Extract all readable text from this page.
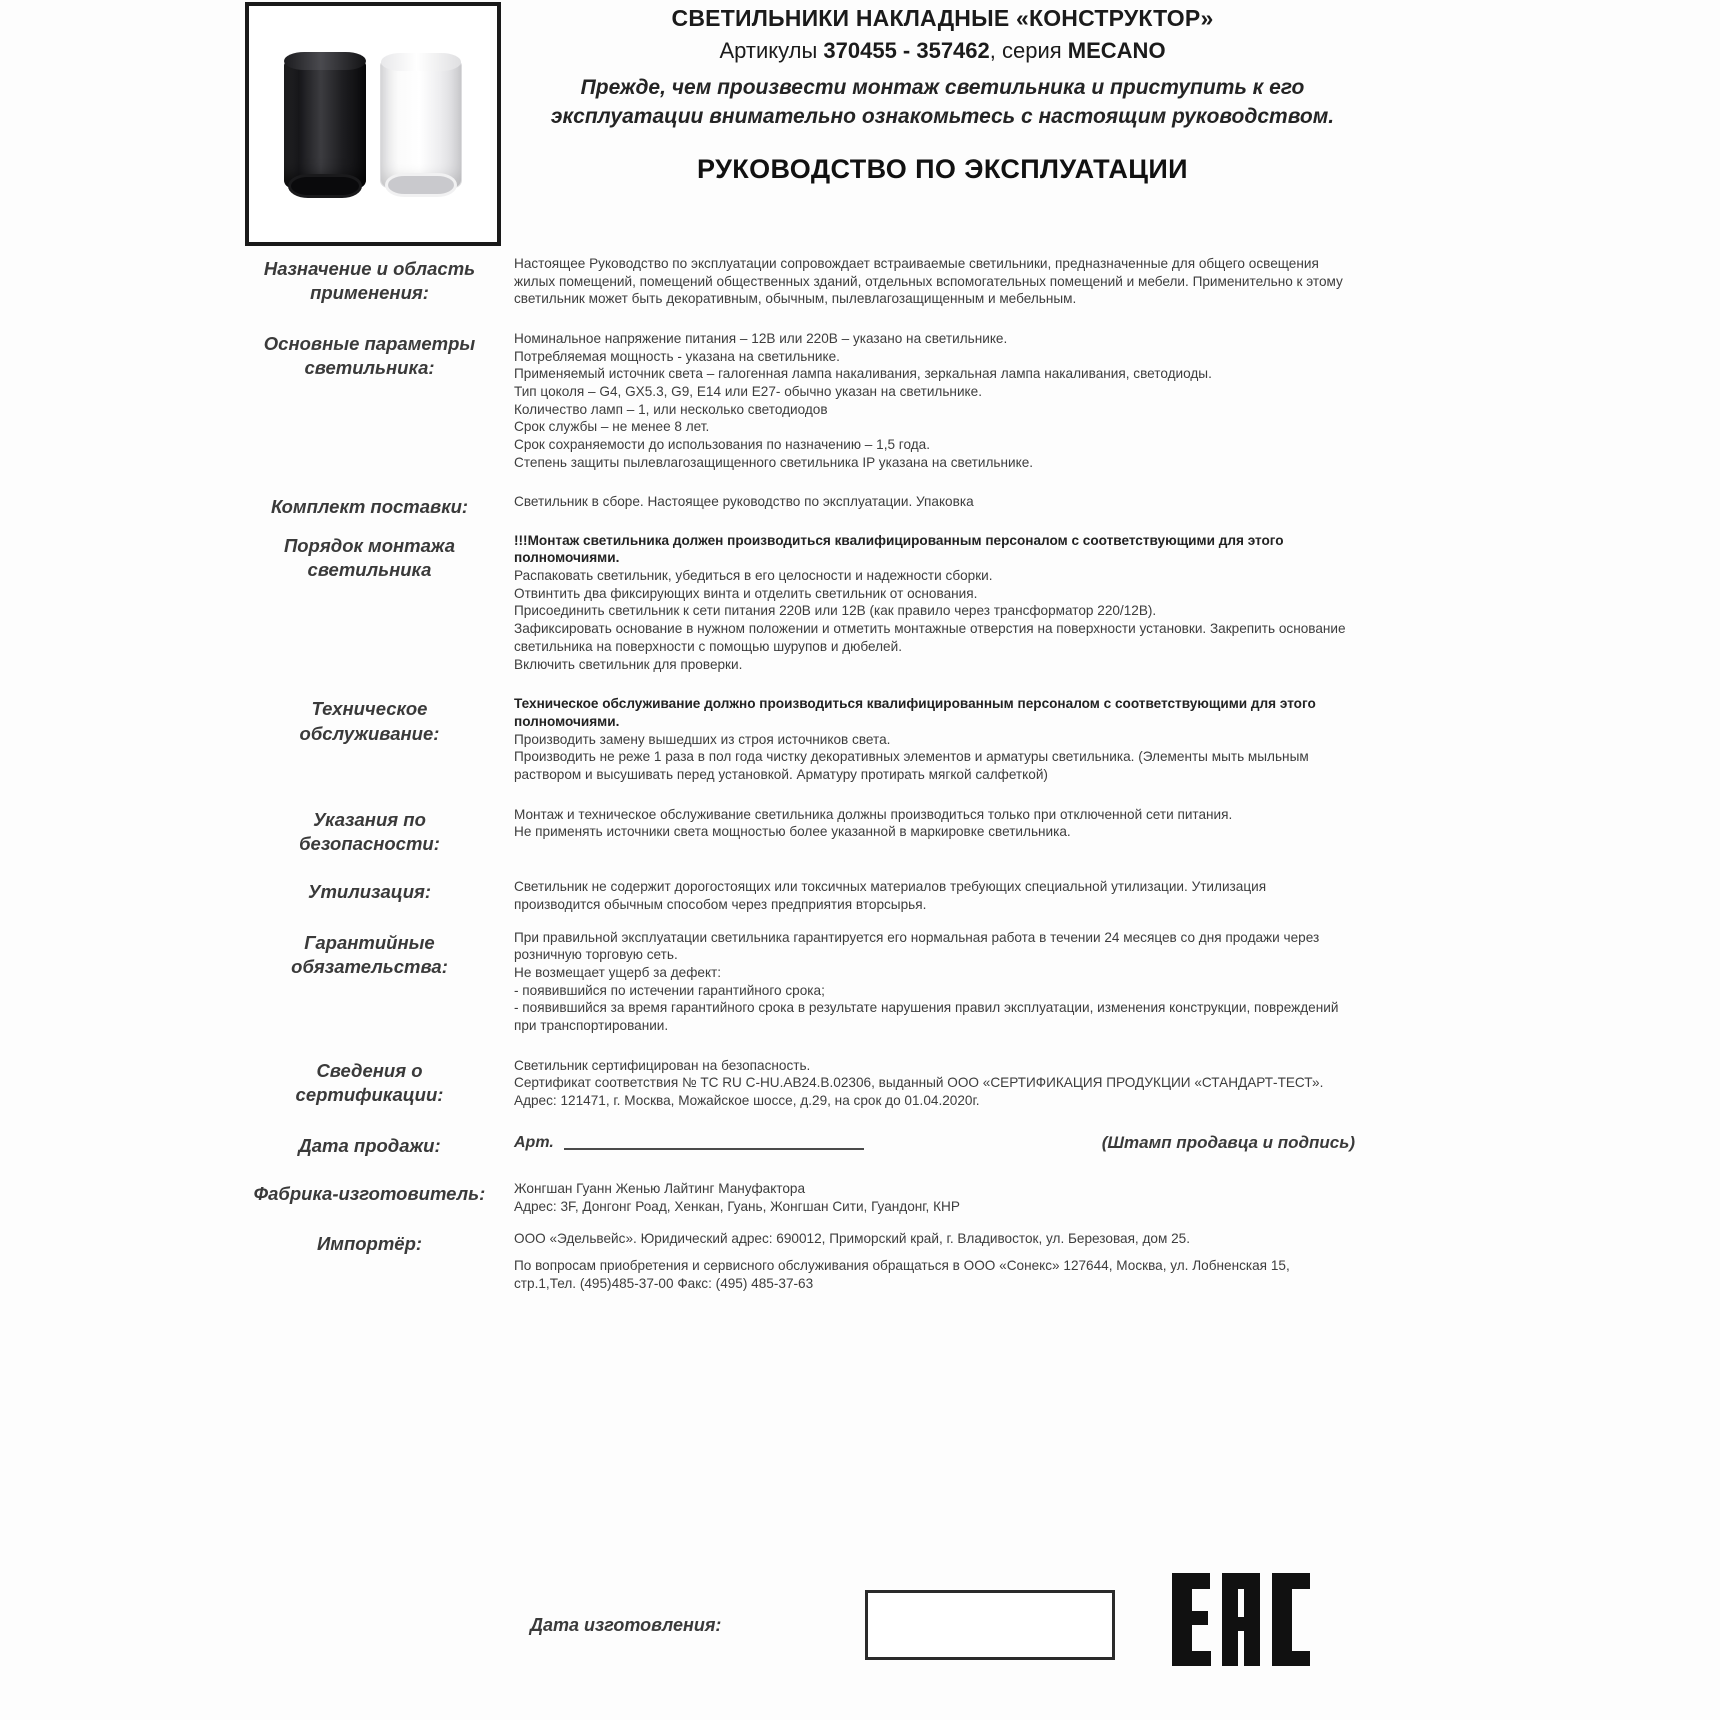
СВЕТИЛЬНИКИ НАКЛАДНЫЕ «КОНСТРУКТОР»
Артикулы 370455 - 357462, серия MECANO
Прежде, чем произвести монтаж светильника и приступить к его эксплуатации внимательно ознакомьтесь с настоящим руководством.
РУКОВОДСТВО ПО ЭКСПЛУАТАЦИИ
Назначение и область применения:

Настоящее Руководство по эксплуатации сопровождает встраиваемые светильники, предназначенные для общего освещения жилых помещений, помещений общественных зданий, отдельных вспомогательных помещений и мебели. Применительно к этому светильник может быть декоративным, обычным, пылевлагозащищенным и мебельным.

Основные параметры светильника:

Номинальное напряжение питания – 12В или 220В – указано на светильнике.

Потребляемая мощность - указана на светильнике.

Применяемый источник света – галогенная лампа накаливания, зеркальная лампа накаливания, светодиоды.

Тип цоколя – G4, GX5.3, G9, E14 или E27- обычно указан на светильнике.

Количество ламп – 1, или несколько светодиодов

Срок службы – не менее 8 лет.

Срок сохраняемости до использования по назначению – 1,5 года.

Степень защиты пылевлагозащищенного светильника IP указана на светильнике.

Комплект поставки:	Светильник в сборе. Настоящее руководство по эксплуатации. Упаковка

Порядок монтажа светильника

!!!Монтаж светильника должен производиться квалифицированным персоналом с соответствующими для этого полномочиями.

Распаковать светильник, убедиться в его целосности и надежности сборки.

Отвинтить два фиксирующих винта и отделить светильник от основания.

Присоединить светильник к сети питания 220В или 12В (как правило через трансформатор 220/12В).

Зафиксировать основание в нужном положении и отметить монтажные отверстия на поверхности установки. Закрепить основание светильника на поверхности с помощью шурупов и дюбелей.

Включить светильник для проверки.

Техническое обслуживание:

Техническое обслуживание должно производиться квалифицированным персоналом с соответствующими для этого полномочиями.

Производить замену вышедших из строя источников света.

Производить не реже 1 раза в пол года чистку декоративных элементов и арматуры светильника. (Элементы мыть мыльным раствором и высушивать перед установкой. Арматуру протирать мягкой салфеткой)

Указания по безопасности:

Монтаж и техническое обслуживание светильника должны производиться только при отключенной сети питания.

Не применять источники света мощностью более указанной в маркировке светильника.

Утилизация:	Светильник не содержит дорогостоящих или токсичных материалов требующих специальной утилизации. Утилизация производится обычным способом через предприятия вторсырья.

Гарантийные обязательства:

При правильной эксплуатации светильника гарантируется его нормальная работа в течении 24 месяцев со дня продажи через розничную торговую сеть.

Не возмещает ущерб за дефект:

- появившийся по истечении гарантийного срока;

- появившийся за время гарантийного срока в результате нарушения правил эксплуатации, изменения конструкции, повреждений при транспортировании.

Сведения о сертификации:

Светильник сертифицирован на безопасность.

Сертификат соответствия № ТС RU C-HU.АВ24.В.02306, выданный ООО «СЕРТИФИКАЦИЯ ПРОДУКЦИИ «СТАНДАРТ-ТЕСТ». Адрес: 121471, г. Москва, Можайское шоссе, д.29, на срок до 01.04.2020г.

Дата продажи:	Арт.	(Штамп продавца и подпись)
Фабрика-изготовитель:	Жонгшан Гуанн Женью Лайтинг Мануфактора

Адрес: 3F, Донгонг Роад, Хенкан, Гуань, Жонгшан Сити, Гуандонг, КНР

Импортёр:	ООО «Эдельвейс». Юридический адрес: 690012, Приморский край, г. Владивосток, ул. Березовая, дом 25.

По вопросам приобретения и сервисного обслуживания обращаться в ООО «Сонекс» 127644, Москва, ул. Лобненская 15, стр.1,Тел. (495)485-37-00 Факс: (495) 485-37-63

Дата изготовления:
